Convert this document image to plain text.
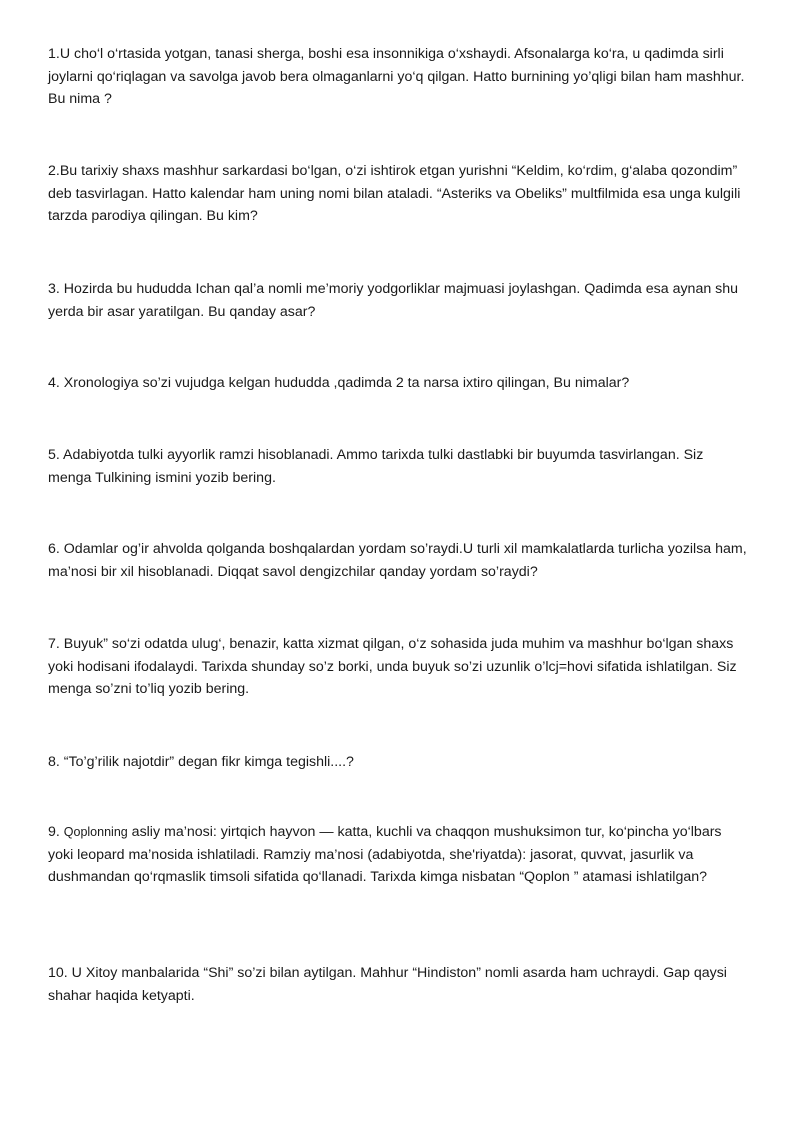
1.U cho‘l o‘rtasida yotgan, tanasi sherga, boshi esa insonnikiga o‘xshaydi. Afsonalarga ko‘ra, u qadimda sirli joylarni qo‘riqlagan va savolga javob bera olmaganlarni yo‘q qilgan. Hatto burnining yo’qligi bilan ham mashhur. Bu nima ?

2.Bu tarixiy shaxs mashhur sarkardasi bo‘lgan, o‘zi ishtirok etgan yurishni “Keldim, ko‘rdim, g‘alaba qozondim” deb tasvirlagan. Hatto kalendar ham uning nomi bilan ataladi. “Asteriks va Obeliks” multfilmida esa unga kulgili tarzda parodiya qilingan. Bu kim?

3. Hozirda bu hududda Ichan qal’a nomli me’moriy yodgorliklar majmuasi joylashgan. Qadimda esa aynan shu yerda bir asar yaratilgan. Bu qanday asar?

4. Xronologiya so’zi vujudga kelgan hududda ,qadimda 2 ta narsa ixtiro qilingan, Bu nimalar?

5. Adabiyotda tulki ayyorlik ramzi hisoblanadi. Ammo tarixda tulki dastlabki bir buyumda tasvirlangan. Siz menga Tulkining ismini yozib bering.

6. Odamlar og’ir ahvolda qolganda boshqalardan yordam so’raydi.U turli xil mamkalatlarda turlicha yozilsa ham, ma’nosi bir xil hisoblanadi. Diqqat savol dengizchilar qanday yordam so’raydi?

7. Buyuk” so‘zi odatda ulug‘, benazir, katta xizmat qilgan, o‘z sohasida juda muhim va mashhur bo‘lgan shaxs yoki hodisani ifodalaydi. Tarixda shunday so’z borki, unda buyuk so’zi uzunlik o’lcj=hovi sifatida ishlatilgan. Siz menga so’zni to’liq yozib bering.

8. “To’g’rilik najotdir” degan fikr kimga tegishli....?

9. Qoplonning asliy ma’nosi: yirtqich hayvon — katta, kuchli va chaqqon mushuksimon tur, ko‘pincha yo‘lbars yoki leopard ma’nosida ishlatiladi. Ramziy ma’nosi (adabiyotda, she'riyatda): jasorat, quvvat, jasurlik va dushmandan qo‘rqmaslik timsoli sifatida qo‘llanadi. Tarixda kimga nisbatan “Qoplon ” atamasi ishlatilgan?

10. U Xitoy manbalarida “Shi” so’zi bilan aytilgan. Mahhur “Hindiston” nomli asarda ham uchraydi. Gap qaysi shahar haqida ketyapti.
